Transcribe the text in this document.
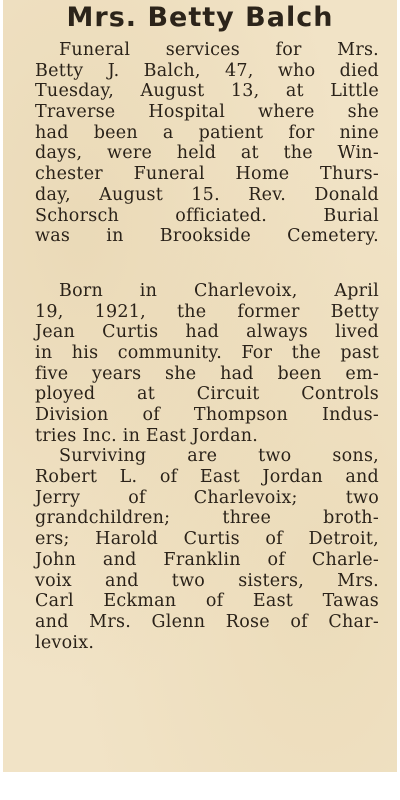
Mrs. Betty Balch
Funeral services for Mrs.
Betty J. Balch, 47, who died
Tuesday, August 13, at Little
Traverse Hospital where she
had been a patient for nine
days, were held at the Win-
chester Funeral Home Thurs-
day, August 15. Rev. Donald
Schorsch officiated. Burial
was in Brookside Cemetery.
Born in Charlevoix, April
19, 1921, the former Betty
Jean Curtis had always lived
in his community. For the past
five years she had been em-
ployed at Circuit Controls
Division of Thompson Indus-
tries Inc. in East Jordan.
Surviving are two sons,
Robert L. of East Jordan and
Jerry of Charlevoix; two
grandchildren; three broth-
ers; Harold Curtis of Detroit,
John and Franklin of Charle-
voix and two sisters, Mrs.
Carl Eckman of East Tawas
and Mrs. Glenn Rose of Char-
levoix.
